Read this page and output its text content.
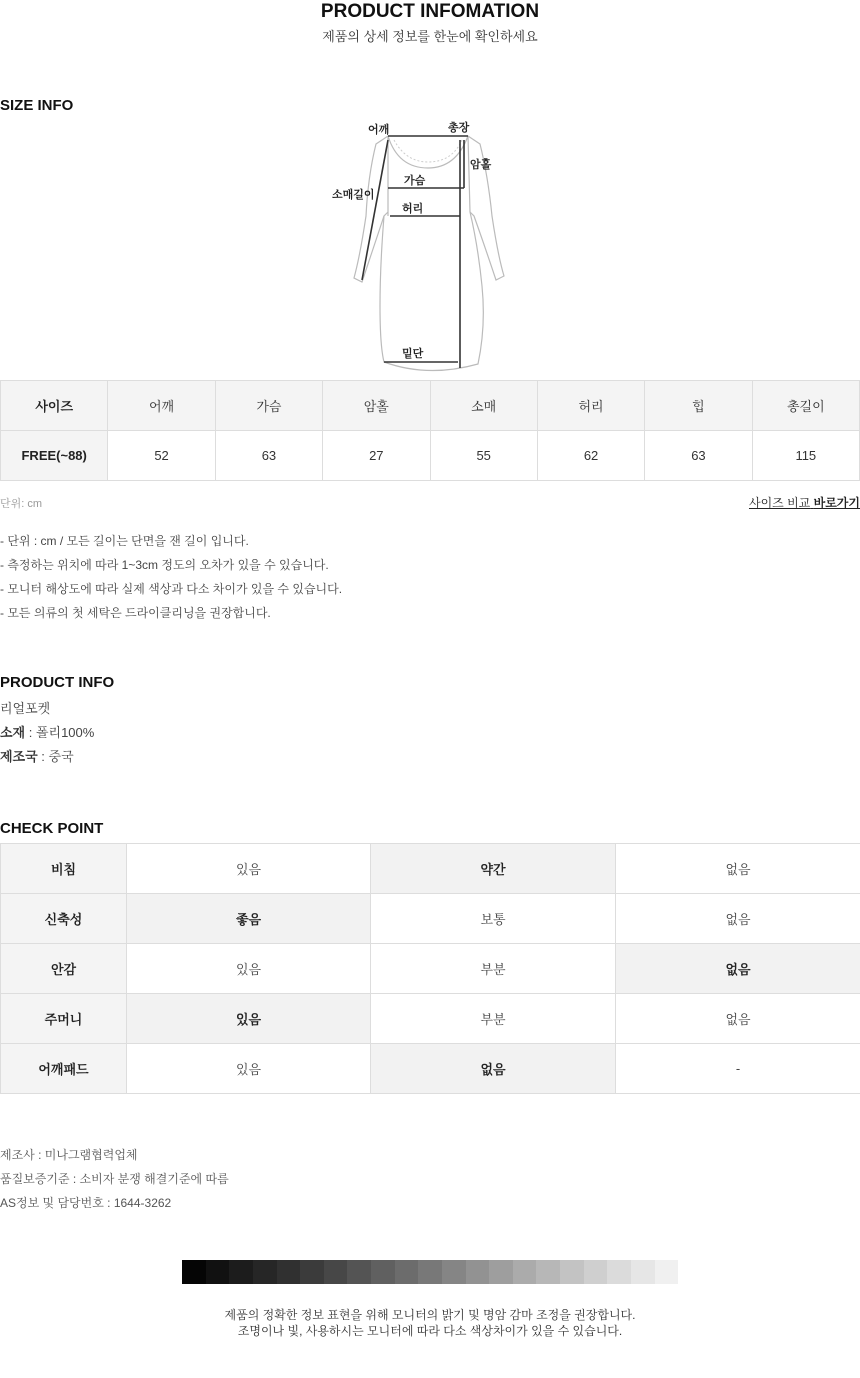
PRODUCT INFOMATION
제품의 상세 정보를 한눈에 확인하세요
SIZE INFO
어깨	총장
암홀
가슴
소매길이
허리
밑단
사이즈	어깨	가슴	암홀	소매	허리	힙	총길이
FREE(~88)	52	63	27	55	62	63	115
단위: cm	사이즈 비교 바로가기
- 단위 : cm / 모든 길이는 단면을 잰 길이 입니다.
- 측정하는 위치에 따라 1~3cm 정도의 오차가 있을 수 있습니다.
- 모니터 해상도에 따라 실제 색상과 다소 차이가 있을 수 있습니다.
- 모든 의류의 첫 세탁은 드라이클리닝을 권장합니다.
PRODUCT INFO
리얼포켓
소재 : 폴리100%
제조국 : 중국
CHECK POINT
비침	있음	약간	없음
신축성	좋음	보통	없음
안감	있음	부분	없음
주머니	있음	부분	없음
어깨패드	있음	없음	-
제조사 : 미나그램협력업체
품질보증기준 : 소비자 분쟁 해결기준에 따름
AS정보 및 담당번호 : 1644-3262
제품의 정확한 정보 표현을 위해 모니터의 밝기 및 명암 감마 조정을 권장합니다.
조명이나 빛, 사용하시는 모니터에 따라 다소 색상차이가 있을 수 있습니다.
